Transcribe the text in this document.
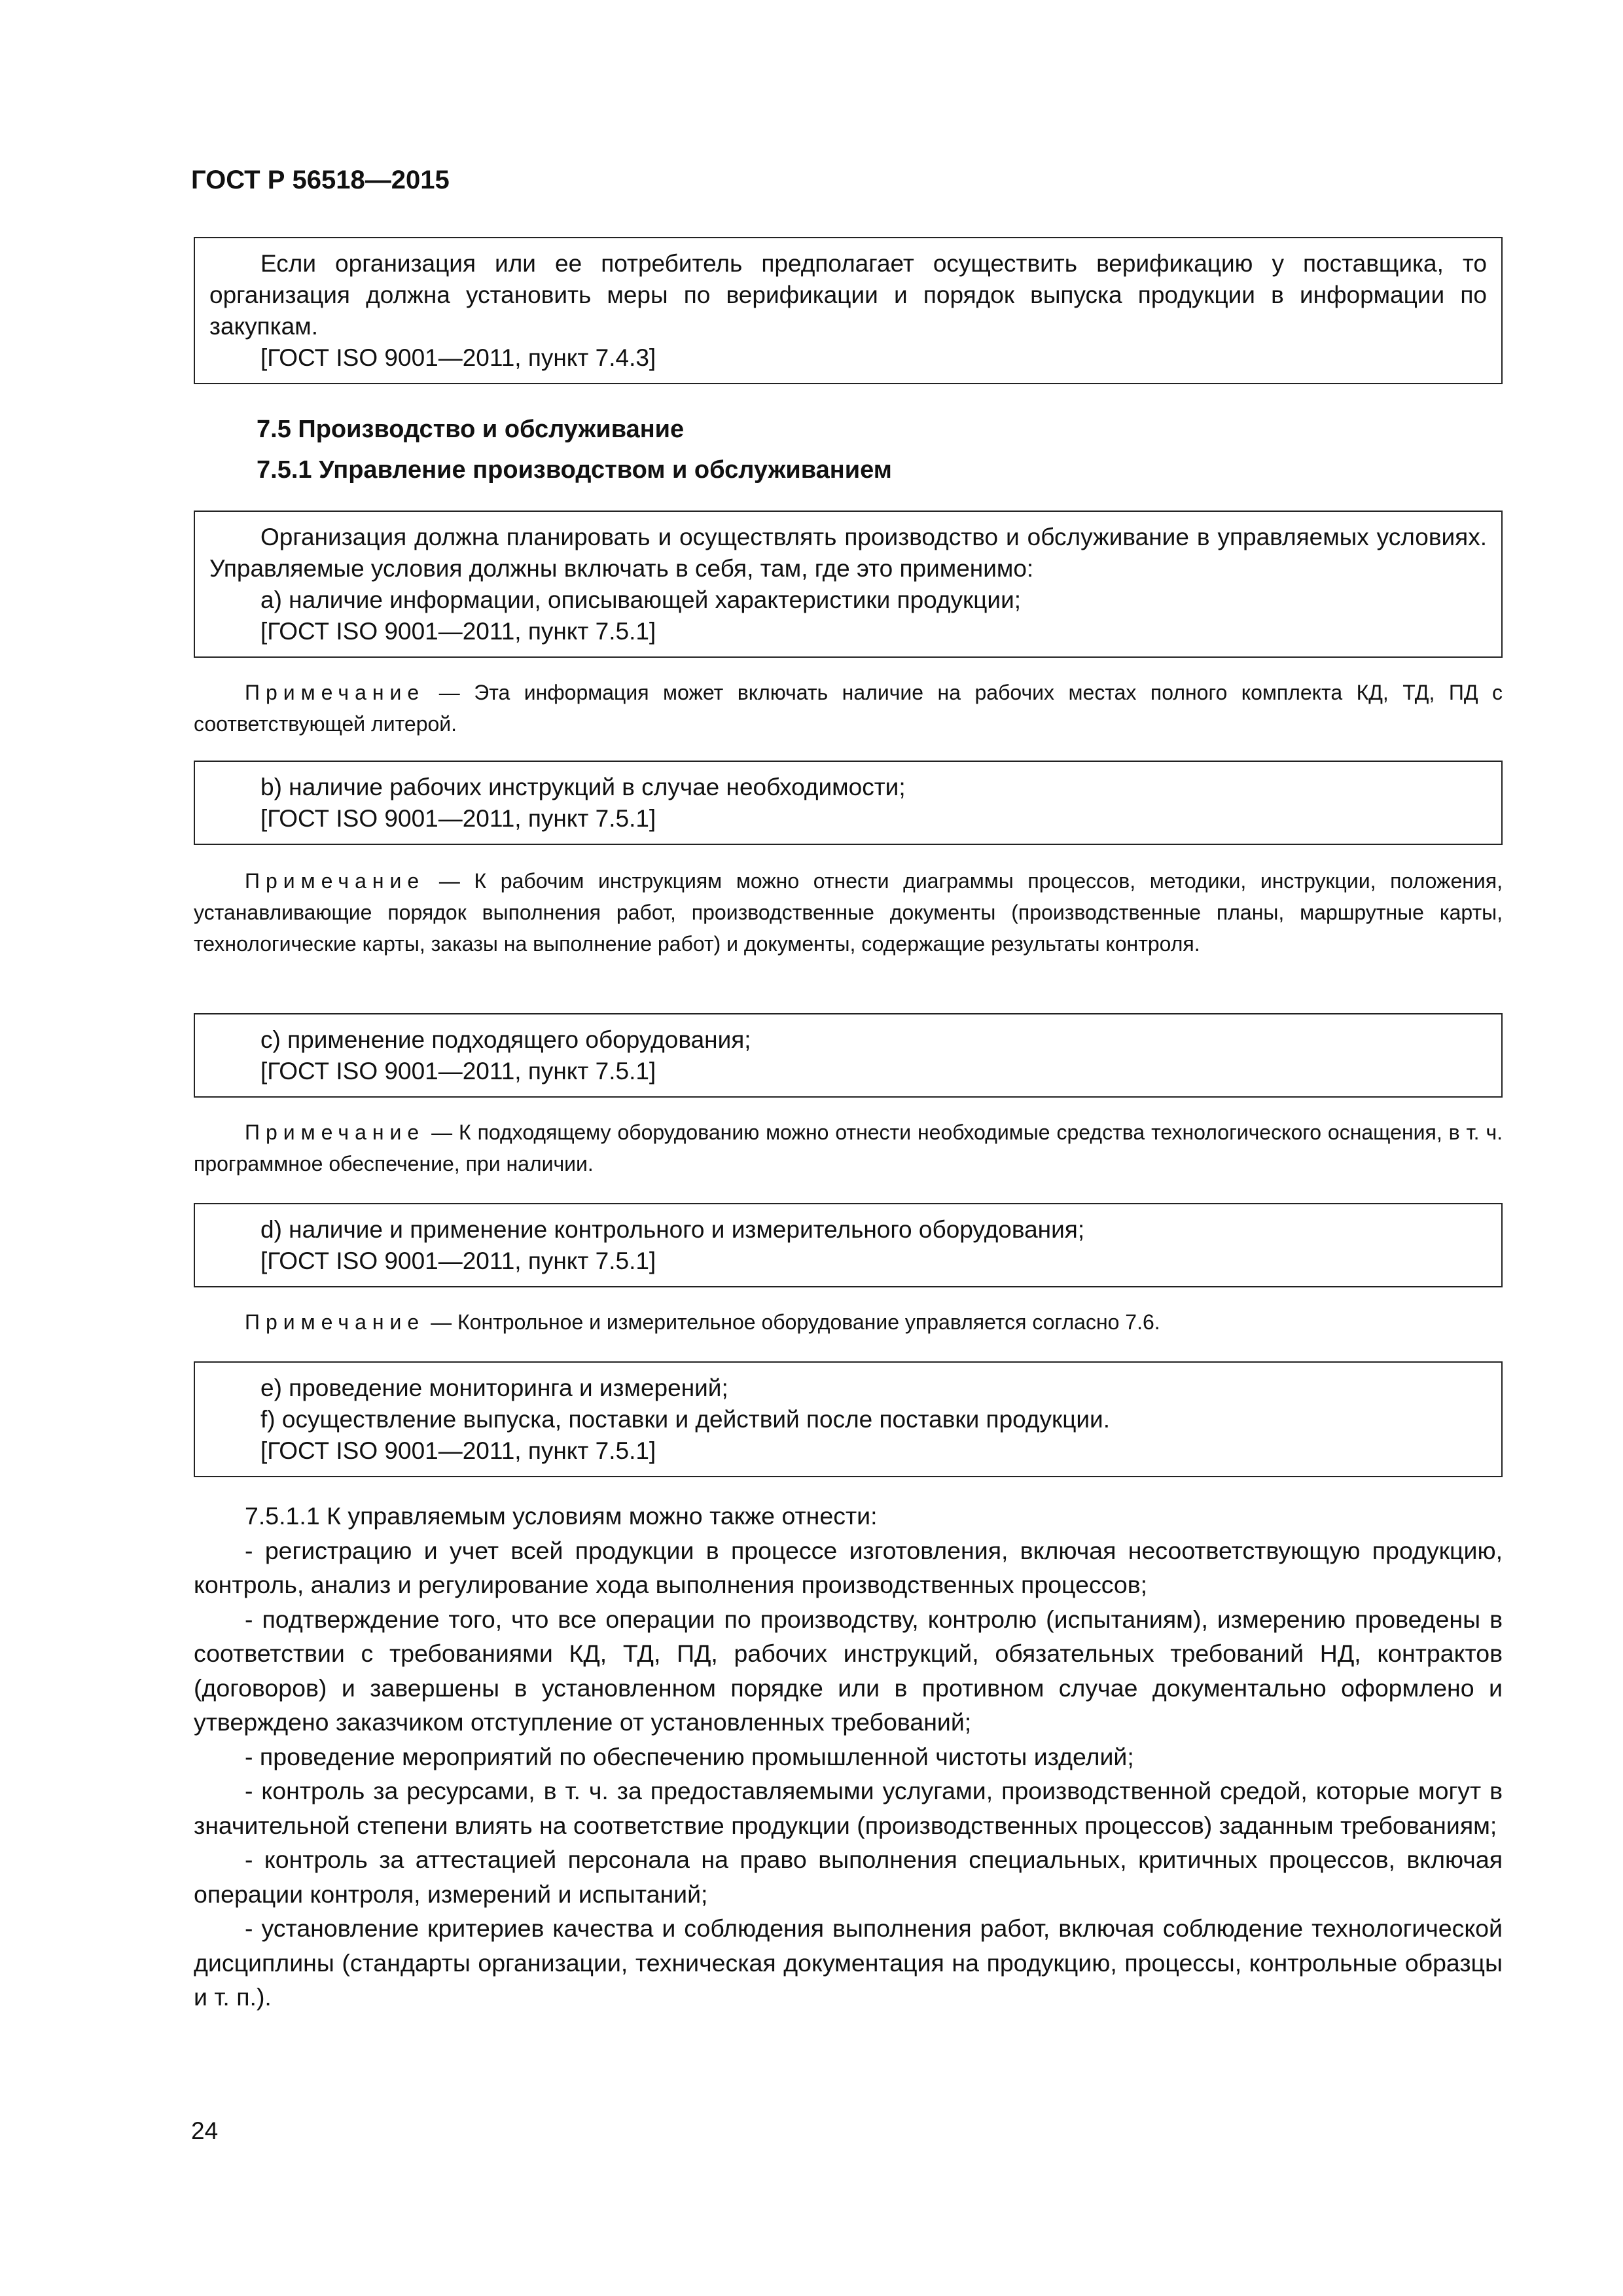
ГОСТ Р 56518—2015

Если организация или ее потребитель предполагает осуществить верификацию у поставщика, то организация должна установить меры по верификации и порядок выпуска продукции в информации по закупкам.

[ГОСТ ISO 9001—2011, пункт 7.4.3]

7.5 Производство и обслуживание
7.5.1 Управление производством и обслуживанием

Организация должна планировать и осуществлять производство и обслуживание в управляемых условиях. Управляемые условия должны включать в себя, там, где это применимо:

a) наличие информации, описывающей характеристики продукции;

[ГОСТ ISO 9001—2011, пункт 7.5.1]

Примечание — Эта информация может включать наличие на рабочих местах полного комплекта КД, ТД, ПД с соответствующей литерой.

b) наличие рабочих инструкций в случае необходимости;

[ГОСТ ISO 9001—2011, пункт 7.5.1]

Примечание — К рабочим инструкциям можно отнести диаграммы процессов, методики, инструкции, положения, устанавливающие порядок выполнения работ, производственные документы (производственные планы, маршрутные карты, технологические карты, заказы на выполнение работ) и документы, содержащие результаты контроля.

c) применение подходящего оборудования;

[ГОСТ ISO 9001—2011, пункт 7.5.1]

Примечание — К подходящему оборудованию можно отнести необходимые средства технологического оснащения, в т. ч. программное обеспечение, при наличии.

d) наличие и применение контрольного и измерительного оборудования;

[ГОСТ ISO 9001—2011, пункт 7.5.1]

Примечание — Контрольное и измерительное оборудование управляется согласно 7.6.

e) проведение мониторинга и измерений;

f) осуществление выпуска, поставки и действий после поставки продукции.

[ГОСТ ISO 9001—2011, пункт 7.5.1]

7.5.1.1 К управляемым условиям можно также отнести:

- регистрацию и учет всей продукции в процессе изготовления, включая несоответствующую продукцию, контроль, анализ и регулирование хода выполнения производственных процессов;

- подтверждение того, что все операции по производству, контролю (испытаниям), измерению проведены в соответствии с требованиями КД, ТД, ПД, рабочих инструкций, обязательных требований НД, контрактов (договоров) и завершены в установленном порядке или в противном случае документально оформлено и утверждено заказчиком отступление от установленных требований;

- проведение мероприятий по обеспечению промышленной чистоты изделий;

- контроль за ресурсами, в т. ч. за предоставляемыми услугами, производственной средой, которые могут в значительной степени влиять на соответствие продукции (производственных процессов) заданным требованиям;

- контроль за аттестацией персонала на право выполнения специальных, критичных процессов, включая операции контроля, измерений и испытаний;

- установление критериев качества и соблюдения выполнения работ, включая соблюдение технологической дисциплины (стандарты организации, техническая документация на продукцию, процессы, контрольные образцы и т. п.).

24
